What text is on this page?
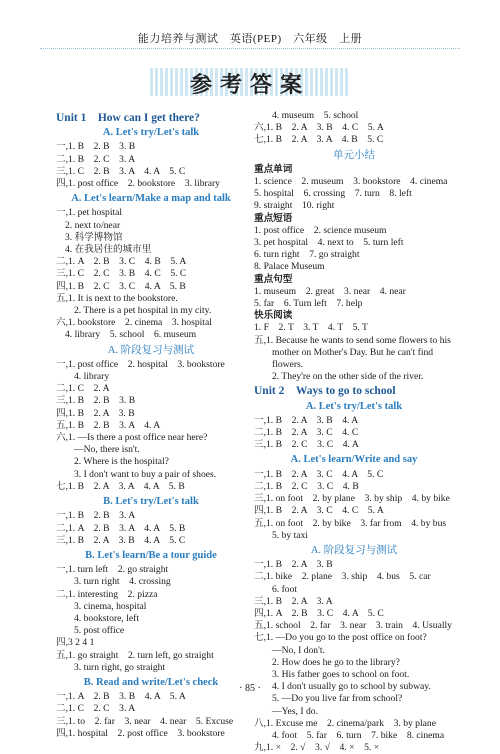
能力培养与测试　英语(PEP)　六年级　上册
参考答案
Unit 1　How can I get there?
A. Let's try/Let's talk
一,1. B　2. B　3. B
二,1. B　2. C　3. A
三,1. C　2. B　3. A　4. A　5. C
四,1. post office　2. bookstore　3. library
A. Let's learn/Make a map and talk
一,1. pet hospital
2. next to/near
3. 科学博物馆
4. 在我居住的城市里
二,1. A　2. B　3. C　4. B　5. A
三,1. C　2. C　3. B　4. C　5. C
四,1. B　2. C　3. C　4. A　5. B
五,1. It is next to the bookstore.
2. There is a pet hospital in my city.
六,1. bookstore　2. cinema　3. hospital
4. library　5. school　6. museum
A. 阶段复习与测试
一,1. post office　2. hospital　3. bookstore
4. library
二,1. C　2. A
三,1. B　2. B　3. B
四,1. B　2. A　3. B
五,1. B　2. B　3. A　4. A
六,1. —Is there a post office near here?
—No, there isn't.
2. Where is the hospital?
3. I don't want to buy a pair of shoes.
七,1. B　2. A　3. A　4. A　5. B
B. Let's try/Let's talk
一,1. B　2. B　3. A
二,1. A　2. B　3. A　4. A　5. B
三,1. B　2. A　3. B　4. A　5. C
B. Let's learn/Be a tour guide
一,1. turn left　2. go straight
3. turn right　4. crossing
二,1. interesting　2. pizza
3. cinema, hospital
4. bookstore, left
5. post office
四,3 2 4 1
五,1. go straight　2. turn left, go straight
3. turn right, go straight
B. Read and write/Let's check
一,1. A　2. B　3. B　4. A　5. A
二,1. C　2. C　3. A
三,1. to　2. far　3. near　4. near　5. Excuse
四,1. hospital　2. post office　3. bookstore
4. museum　5. school
六,1. B　2. A　3. B　4. C　5. A
七,1. B　2. A　3. A　4. B　5. C
单元小结
重点单词
1. science　2. museum　3. bookstore　4. cinema
5. hospital　6. crossing　7. turn　8. left
9. straight　10. right
重点短语
1. post office　2. science museum
3. pet hospital　4. next to　5. turn left
6. turn right　7. go straight
8. Palace Museum
重点句型
1. museum　2. great　3. near　4. near
5. far　6. Turn left　7. help
快乐阅读
1. F　2. T　3. T　4. T　5. T
五,1. Because he wants to send some flowers to his
mother on Mother's Day. But he can't find
flowers.
2. They're on the other side of the river.
Unit 2　Ways to go to school
A. Let's try/Let's talk
一,1. B　2. A　3. B　4. A
二,1. B　2. A　3. C　4. C
三,1. B　2. C　3. C　4. A
A. Let's learn/Write and say
一,1. B　2. A　3. C　4. A　5. C
二,1. B　2. C　3. C　4. B
三,1. on foot　2. by plane　3. by ship　4. by bike
四,1. B　2. A　3. C　4. C　5. A
五,1. on foot　2. by bike　3. far from　4. by bus
5. by taxi
A. 阶段复习与测试
一,1. B　2. A　3. B
二,1. bike　2. plane　3. ship　4. bus　5. car
6. foot
三,1. B　2. A　3. A
四,1. A　2. B　3. C　4. A　5. C
五,1. school　2. far　3. near　3. train　4. Usually
七,1. —Do you go to the post office on foot?
—No, I don't.
2. How does he go to the library?
3. His father goes to school on foot.
4. I don't usually go to school by subway.
5. —Do you live far from school?
—Yes, I do.
八,1. Excuse me　2. cinema/park　3. by plane
4. foot　5. far　6. turn　7. bike　8. cinema
九,1. ×　2. √　3. √　4. ×　5. ×
· 85 ·
